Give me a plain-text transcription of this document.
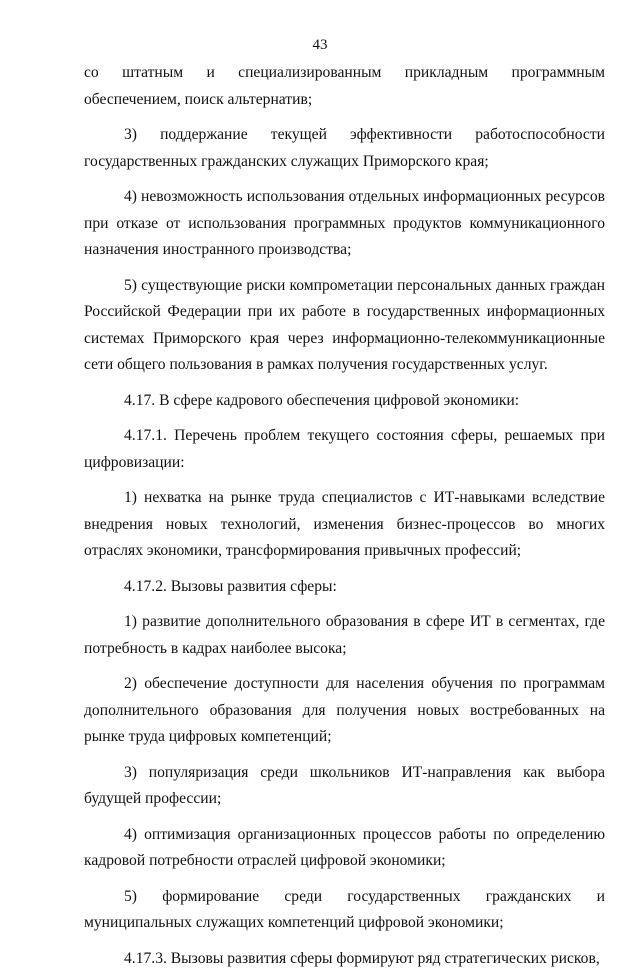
43

со штатным и специализированным прикладным программным обеспечением, поиск альтернатив;

3) поддержание текущей эффективности работоспособности государственных гражданских служащих Приморского края;

4) невозможность использования отдельных информационных ресурсов при отказе от использования программных продуктов коммуникационного назначения иностранного производства;

5) существующие риски компрометации персональных данных граждан Российской Федерации при их работе в государственных информационных системах Приморского края через информационно-телекоммуникационные сети общего пользования в рамках получения государственных услуг.

4.17. В сфере кадрового обеспечения цифровой экономики:

4.17.1. Перечень проблем текущего состояния сферы, решаемых при цифровизации:

1) нехватка на рынке труда специалистов с ИТ-навыками вследствие внедрения новых технологий, изменения бизнес-процессов во многих отраслях экономики, трансформирования привычных профессий;

4.17.2. Вызовы развития сферы:

1) развитие дополнительного образования в сфере ИТ в сегментах, где потребность в кадрах наиболее высока;

2) обеспечение доступности для населения обучения по программам дополнительного образования для получения новых востребованных на рынке труда цифровых компетенций;

3) популяризация среди школьников ИТ-направления как выбора будущей профессии;

4) оптимизация организационных процессов работы по определению кадровой потребности отраслей цифровой экономики;

5) формирование среди государственных гражданских и муниципальных служащих компетенций цифровой экономики;

4.17.3. Вызовы развития сферы формируют ряд стратегических рисков,
